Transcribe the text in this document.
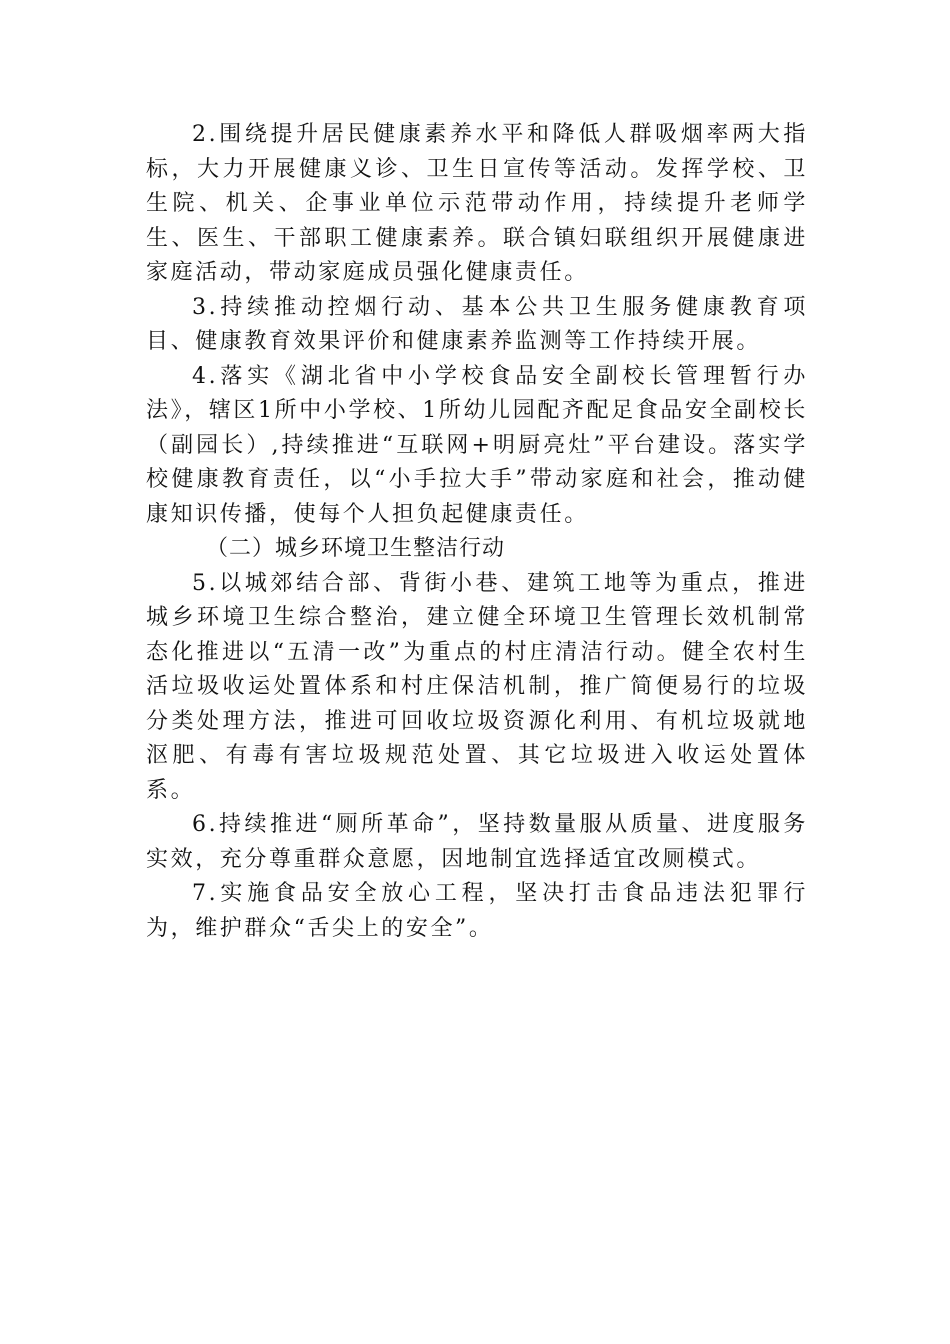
2.围绕提升居民健康素养水平和降低人群吸烟率两大指标，大力开展健康义诊、卫生日宣传等活动。发挥学校、卫生院、机关、企事业单位示范带动作用，持续提升老师学生、医生、干部职工健康素养。联合镇妇联组织开展健康进家庭活动，带动家庭成员强化健康责任。

3.持续推动控烟行动、基本公共卫生服务健康教育项目、健康教育效果评价和健康素养监测等工作持续开展。

4.落实《湖北省中小学校食品安全副校长管理暂行办法》，辖区1所中小学校、1所幼儿园配齐配足食品安全副校长（副园长）,持续推进“互联网+明厨亮灶”平台建设。落实学校健康教育责任，以“小手拉大手”带动家庭和社会，推动健康知识传播，使每个人担负起健康责任。

（二）城乡环境卫生整洁行动

5.以城郊结合部、背街小巷、建筑工地等为重点，推进城乡环境卫生综合整治，建立健全环境卫生管理长效机制常态化推进以“五清一改”为重点的村庄清洁行动。健全农村生活垃圾收运处置体系和村庄保洁机制，推广简便易行的垃圾分类处理方法，推进可回收垃圾资源化利用、有机垃圾就地沤肥、有毒有害垃圾规范处置、其它垃圾进入收运处置体系。

6.持续推进“厕所革命”，坚持数量服从质量、进度服务实效，充分尊重群众意愿，因地制宜选择适宜改厕模式。

7.实施食品安全放心工程，坚决打击食品违法犯罪行为，维护群众“舌尖上的安全”。
